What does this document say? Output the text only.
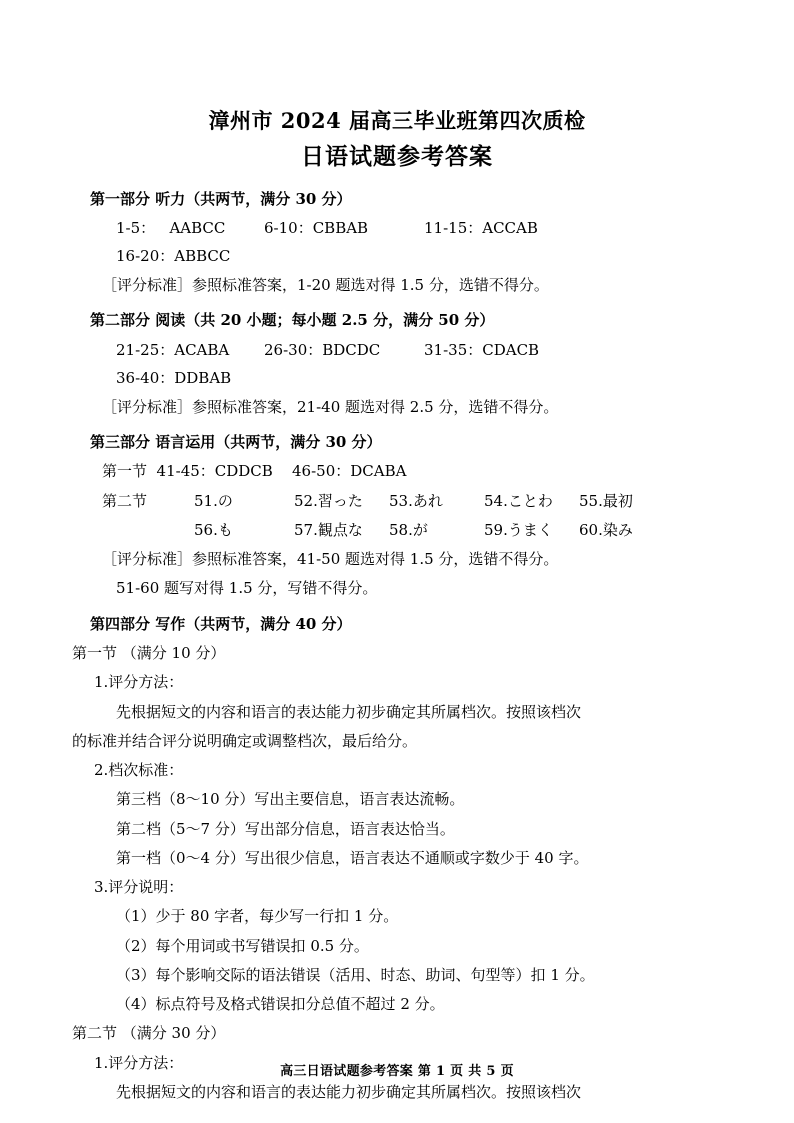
漳州市 2024 届高三毕业班第四次质检
日语试题参考答案
第一部分 听力（共两节，满分 30 分）
1-5：   AABCC	6-10：CBBAB	11-15：ACCAB
16-20：ABBCC
［评分标准］参照标准答案，1-20 题选对得 1.5 分，选错不得分。
第二部分 阅读（共 20 小题；每小题 2.5 分，满分 50 分）
21-25：ACABA	26-30：BDCDC	31-35：CDACB
36-40：DDBAB
［评分标准］参照标准答案，21-40 题选对得 2.5 分，选错不得分。
第三部分 语言运用（共两节，满分 30 分）
第一节  41-45：CDDCB	46-50：DCABA
第二节	51.の	52.習った	53.あれ	54.ことわ	55.最初
56.も	57.観点な	58.が	59.うまく	60.染み
［评分标准］参照标准答案，41-50 题选对得 1.5 分，选错不得分。
51-60 题写对得 1.5 分，写错不得分。
第四部分 写作（共两节，满分 40 分）
第一节 （满分 10 分）
1.评分方法：
先根据短文的内容和语言的表达能力初步确定其所属档次。按照该档次
的标准并结合评分说明确定或调整档次，最后给分。
2.档次标准：
第三档（8～10 分）写出主要信息，语言表达流畅。
第二档（5～7 分）写出部分信息，语言表达恰当。
第一档（0～4 分）写出很少信息，语言表达不通顺或字数少于 40 字。
3.评分说明：
（1）少于 80 字者，每少写一行扣 1 分。
（2）每个用词或书写错误扣 0.5 分。
（3）每个影响交际的语法错误（活用、时态、助词、句型等）扣 1 分。
（4）标点符号及格式错误扣分总值不超过 2 分。
第二节 （满分 30 分）
1.评分方法：
先根据短文的内容和语言的表达能力初步确定其所属档次。按照该档次
高三日语试题参考答案 第 1 页 共 5 页
